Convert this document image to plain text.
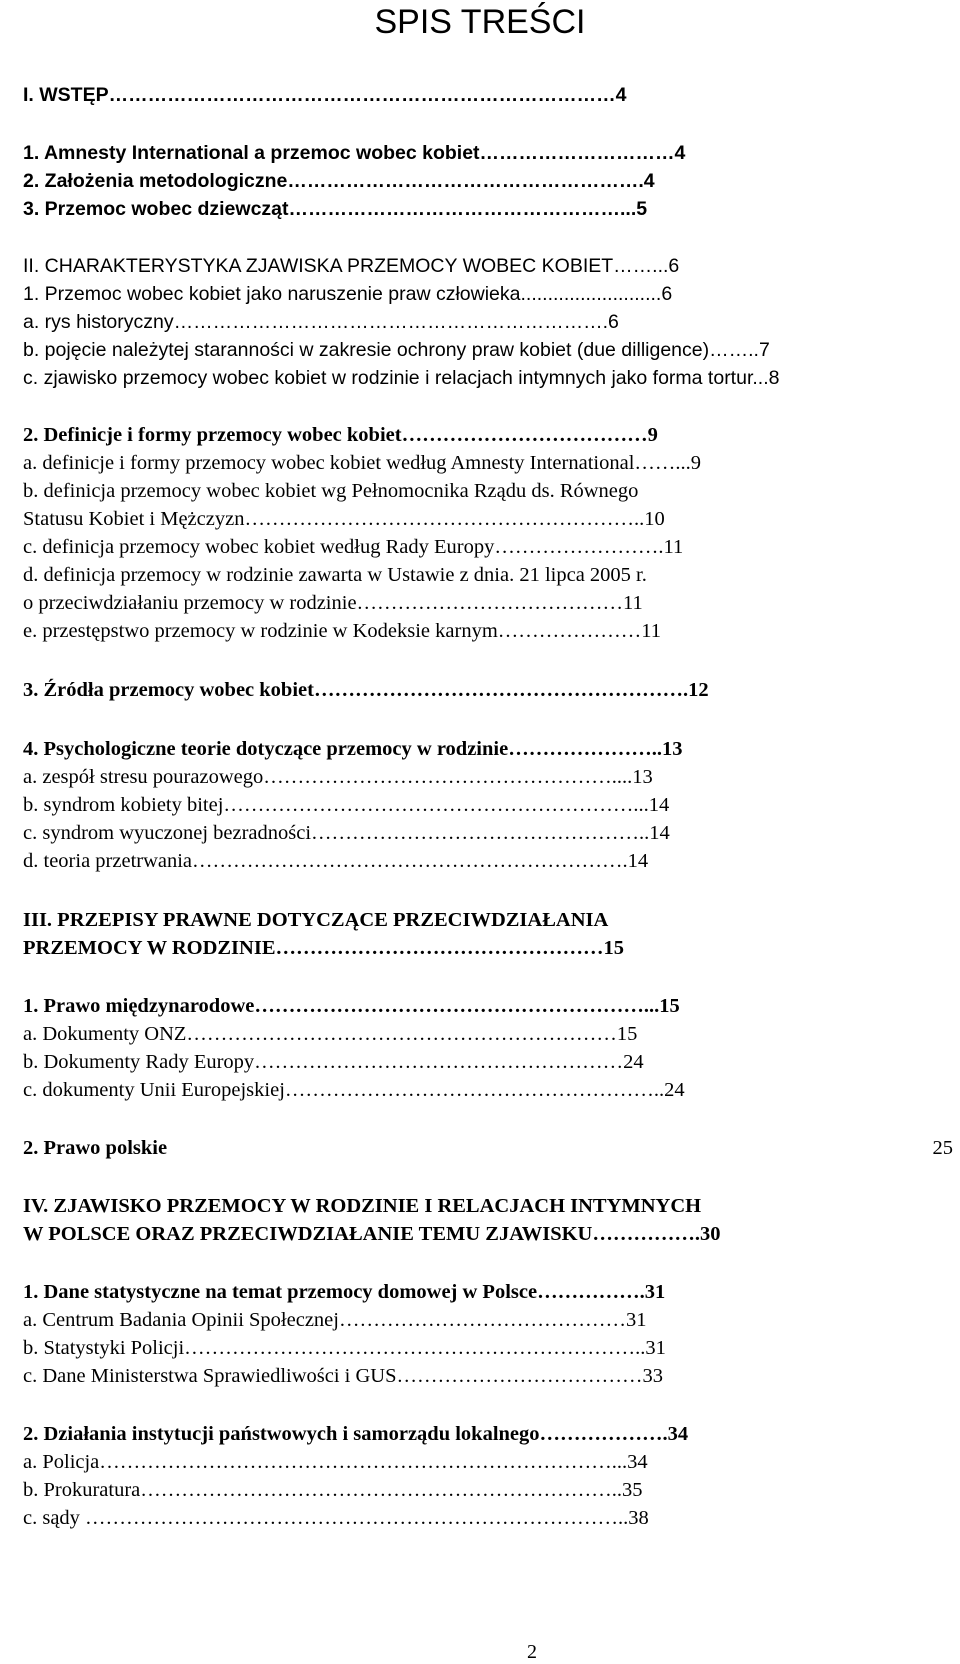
SPIS TREŚCI
I. WSTĘP……………………………………………………………………4
1. Amnesty International a przemoc wobec kobiet…………………………4
2. Założenia metodologiczne……………………………………………….4
3. Przemoc wobec dziewcząt……………………………………………...5
II. CHARAKTERYSTYKA ZJAWISKA PRZEMOCY WOBEC KOBIET……...6
1. Przemoc wobec kobiet jako naruszenie praw człowieka..........................6
a. rys historyczny………………………………………………………….6
b. pojęcie należytej staranności w zakresie ochrony praw kobiet (due dilligence)……..7
c. zjawisko przemocy wobec kobiet w rodzinie i relacjach intymnych jako forma tortur...8
2. Definicje i formy przemocy wobec kobiet………………………………9
a. definicje i formy przemocy wobec kobiet według Amnesty International……...9
b. definicja przemocy wobec kobiet wg Pełnomocnika Rządu ds. Równego
Statusu Kobiet i Mężczyzn…………………………………………………..10
c. definicja przemocy wobec kobiet według Rady Europy…………………….11
d. definicja przemocy w rodzinie zawarta w Ustawie z dnia. 21 lipca 2005 r.
o przeciwdziałaniu przemocy w rodzinie…………………………………11
e. przestępstwo przemocy w rodzinie w Kodeksie karnym…………………11
3. Źródła przemocy wobec kobiet……………………………………………….12
4. Psychologiczne teorie dotyczące przemocy w rodzinie…………………..13
a. zespół stresu pourazowego……………………………………………....13
b. syndrom kobiety bitej……………………………………………………...14
c. syndrom wyuczonej bezradności…………………………………………..14
d. teoria przetrwania……………………………………………………….14
III. PRZEPISY PRAWNE DOTYCZĄCE PRZECIWDZIAŁANIA
PRZEMOCY W RODZINIE…………………………………………15
1. Prawo międzynarodowe…………………………………………………...15
a. Dokumenty ONZ………………………………………………………15
b. Dokumenty Rady Europy………………………………………………24
c. dokumenty Unii Europejskiej………………………………………………..24
2. Prawo polskie	25
IV. ZJAWISKO PRZEMOCY W RODZINIE I RELACJACH INTYMNYCH
W POLSCE ORAZ PRZECIWDZIAŁANIE TEMU ZJAWISKU…………….30
1. Dane statystyczne na temat przemocy domowej w Polsce…………….31
a. Centrum Badania Opinii Społecznej……………………………………31
b. Statystyki Policji…………………………………………………………..31
c. Dane Ministerstwa Sprawiedliwości i GUS………………………………33
2. Działania instytucji państwowych i samorządu lokalnego……………….34
a. Policja…………………………………………………………………...34
b. Prokuratura……………………………………………………………..35
c. sądy ……………………………………………………………………..38
2
